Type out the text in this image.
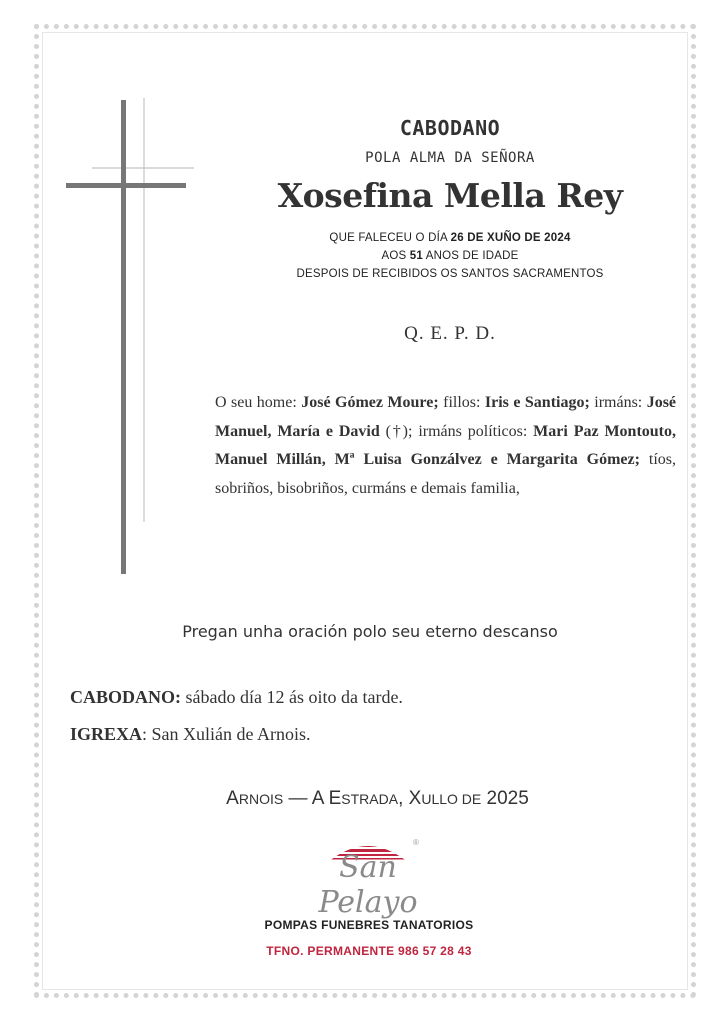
CABODANO
POLA ALMA DA SEÑORA
Xosefina Mella Rey
QUE FALECEU O DÍA 26 DE XUÑO DE 2024
AOS 51 ANOS DE IDADE
DESPOIS DE RECIBIDOS OS SANTOS SACRAMENTOS
Q. E. P. D.
O seu home: José Gómez Moure; fillos: Iris e Santiago; irmáns: José Manuel, María e David (†); irmáns políticos: Mari Paz Montouto, Manuel Millán, Mª Luisa Gonzálvez e Margarita Gómez; tíos, sobriños, bisobriños, curmáns e demais familia,
Pregan unha oración polo seu eterno descanso
CABODANO: sábado día 12 ás oito da tarde.
IGREXA: San Xulián de Arnois.
ARNOIS — A ESTRADA, XULLO DE 2025
San Pelayo
®
POMPAS FUNEBRES TANATORIOS
TFNO. PERMANENTE 986 57 28 43
